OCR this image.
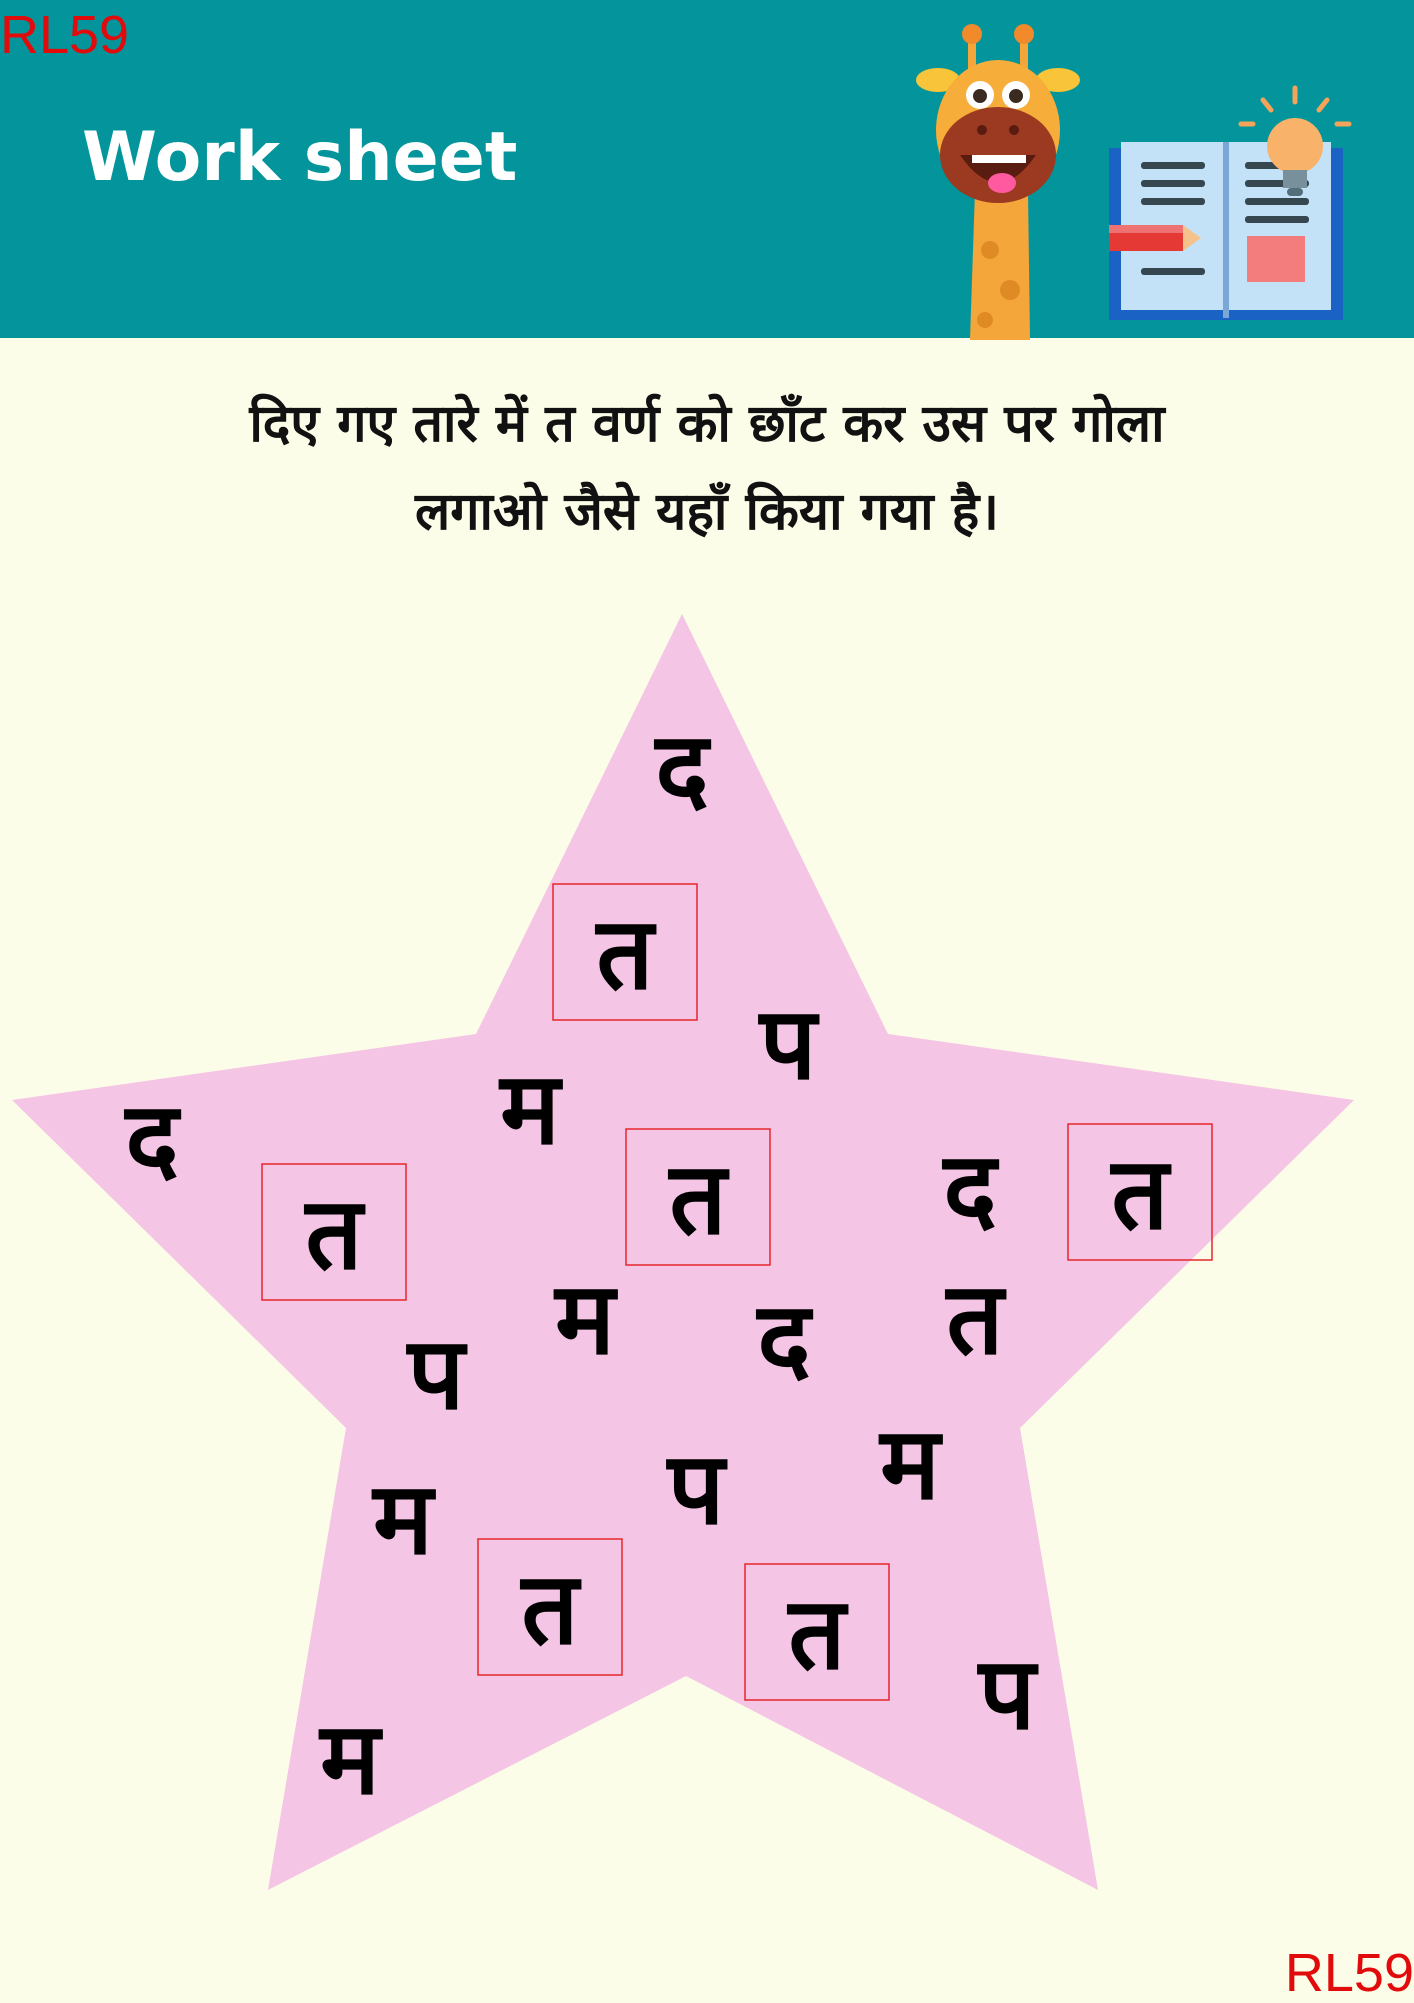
RL59
Work sheet
दिए गए तारे में त वर्ण को छाँट कर उस पर गोला
लगाओ जैसे यहाँ किया गया है।
द
त
प
म
द
त	त द त
म द त
प
म
प
म
त त
प
म
RL59
